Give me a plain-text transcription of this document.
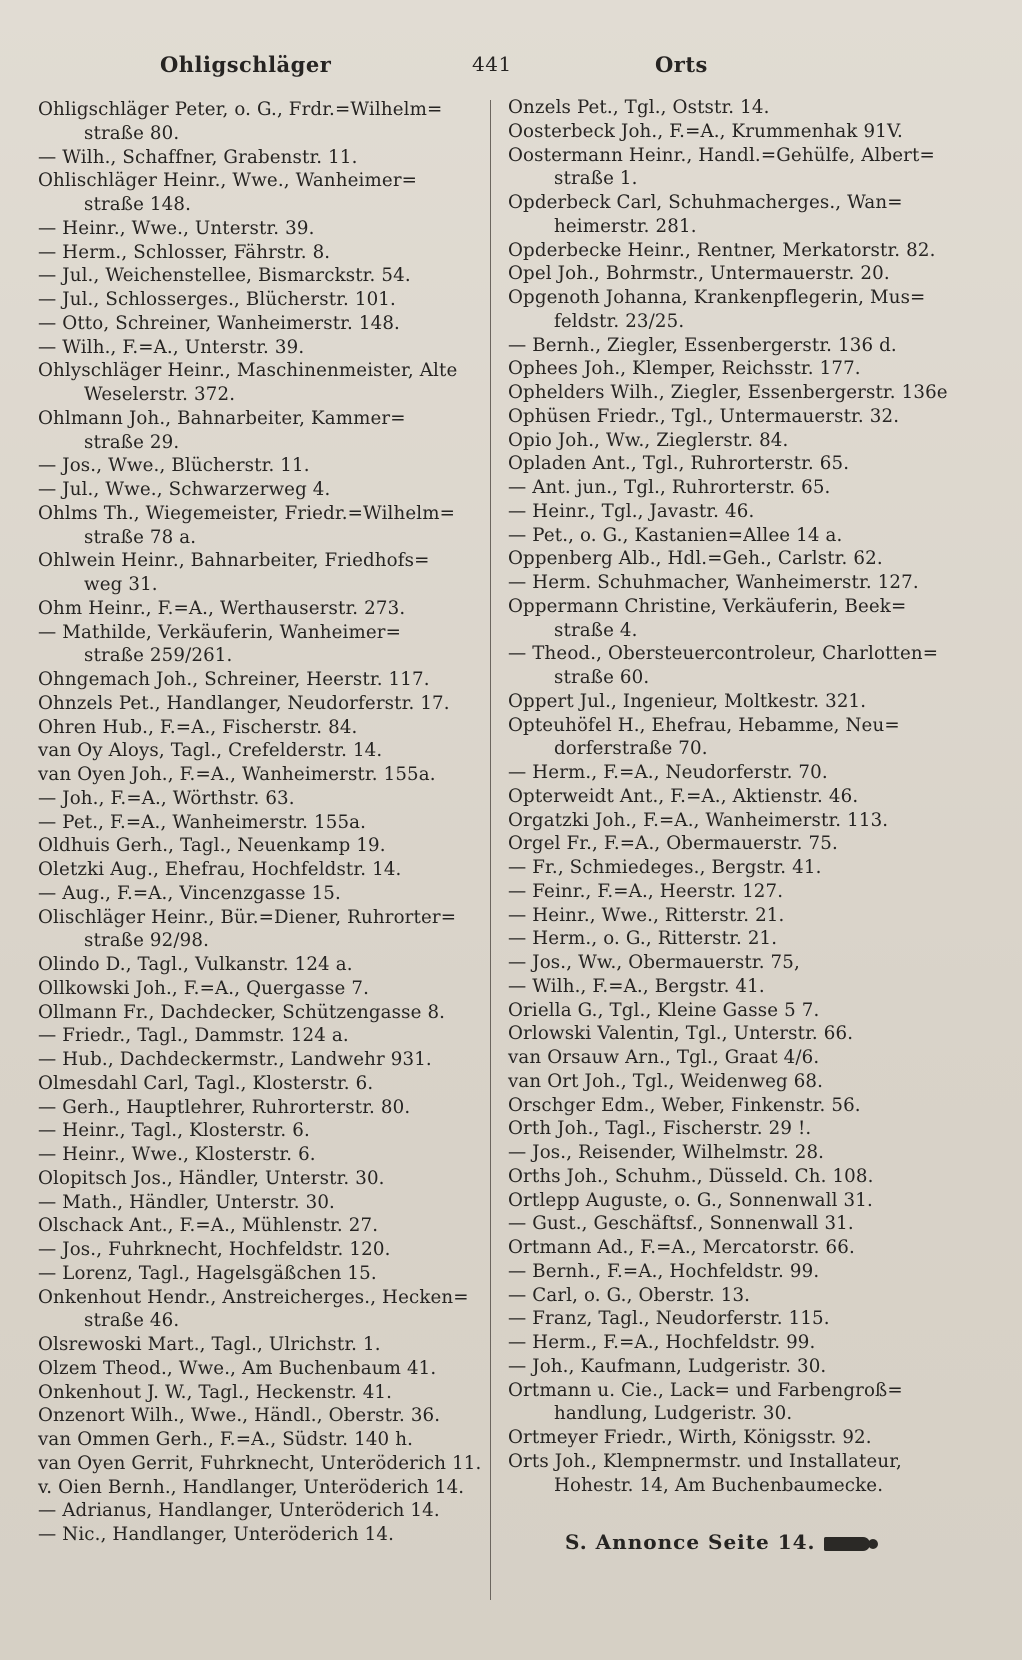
Ohligschläger	441	Orts
Ohligschläger Peter, o. G., Frdr.=Wilhelm=
straße 80.
— Wilh., Schaffner, Grabenstr. 11.
Ohlischläger Heinr., Wwe., Wanheimer=
straße 148.
— Heinr., Wwe., Unterstr. 39.
— Herm., Schlosser, Fährstr. 8.
— Jul., Weichenstellee, Bismarckstr. 54.
— Jul., Schlosserges., Blücherstr. 101.
— Otto, Schreiner, Wanheimerstr. 148.
— Wilh., F.=A., Unterstr. 39.
Ohlyschläger Heinr., Maschinenmeister, Alte
Weselerstr. 372.
Ohlmann Joh., Bahnarbeiter, Kammer=
straße 29.
— Jos., Wwe., Blücherstr. 11.
— Jul., Wwe., Schwarzerweg 4.
Ohlms Th., Wiegemeister, Friedr.=Wilhelm=
straße 78 a.
Ohlwein Heinr., Bahnarbeiter, Friedhofs=
weg 31.
Ohm Heinr., F.=A., Werthauserstr. 273.
— Mathilde, Verkäuferin, Wanheimer=
straße 259/261.
Ohngemach Joh., Schreiner, Heerstr. 117.
Ohnzels Pet., Handlanger, Neudorferstr. 17.
Ohren Hub., F.=A., Fischerstr. 84.
van Oy Aloys, Tagl., Crefelderstr. 14.
van Oyen Joh., F.=A., Wanheimerstr. 155a.
— Joh., F.=A., Wörthstr. 63.
— Pet., F.=A., Wanheimerstr. 155a.
Oldhuis Gerh., Tagl., Neuenkamp 19.
Oletzki Aug., Ehefrau, Hochfeldstr. 14.
— Aug., F.=A., Vincenzgasse 15.
Olischläger Heinr., Bür.=Diener, Ruhrorter=
straße 92/98.
Olindo D., Tagl., Vulkanstr. 124 a.
Ollkowski Joh., F.=A., Quergasse 7.
Ollmann Fr., Dachdecker, Schützengasse 8.
— Friedr., Tagl., Dammstr. 124 a.
— Hub., Dachdeckermstr., Landwehr 931.
Olmesdahl Carl, Tagl., Klosterstr. 6.
— Gerh., Hauptlehrer, Ruhrorterstr. 80.
— Heinr., Tagl., Klosterstr. 6.
— Heinr., Wwe., Klosterstr. 6.
Olopitsch Jos., Händler, Unterstr. 30.
— Math., Händler, Unterstr. 30.
Olschack Ant., F.=A., Mühlenstr. 27.
— Jos., Fuhrknecht, Hochfeldstr. 120.
— Lorenz, Tagl., Hagelsgäßchen 15.
Onkenhout Hendr., Anstreicherges., Hecken=
straße 46.
Olsrewoski Mart., Tagl., Ulrichstr. 1.
Olzem Theod., Wwe., Am Buchenbaum 41.
Onkenhout J. W., Tagl., Heckenstr. 41.
Onzenort Wilh., Wwe., Händl., Oberstr. 36.
van Ommen Gerh., F.=A., Südstr. 140 h.
van Oyen Gerrit, Fuhrknecht, Unteröderich 11.
v. Oien Bernh., Handlanger, Unteröderich 14.
— Adrianus, Handlanger, Unteröderich 14.
— Nic., Handlanger, Unteröderich 14.
Onzels Pet., Tgl., Oststr. 14.
Oosterbeck Joh., F.=A., Krummenhak 91V.
Oostermann Heinr., Handl.=Gehülfe, Albert=
straße 1.
Opderbeck Carl, Schuhmacherges., Wan=
heimerstr. 281.
Opderbecke Heinr., Rentner, Merkatorstr. 82.
Opel Joh., Bohrmstr., Untermauerstr. 20.
Opgenoth Johanna, Krankenpflegerin, Mus=
feldstr. 23/25.
— Bernh., Ziegler, Essenbergerstr. 136 d.
Ophees Joh., Klemper, Reichsstr. 177.
Ophelders Wilh., Ziegler, Essenbergerstr. 136e
Ophüsen Friedr., Tgl., Untermauerstr. 32.
Opio Joh., Ww., Zieglerstr. 84.
Opladen Ant., Tgl., Ruhrorterstr. 65.
— Ant. jun., Tgl., Ruhrorterstr. 65.
— Heinr., Tgl., Javastr. 46.
— Pet., o. G., Kastanien=Allee 14 a.
Oppenberg Alb., Hdl.=Geh., Carlstr. 62.
— Herm. Schuhmacher, Wanheimerstr. 127.
Oppermann Christine, Verkäuferin, Beek=
straße 4.
— Theod., Obersteuercontroleur, Charlotten=
straße 60.
Oppert Jul., Ingenieur, Moltkestr. 321.
Opteuhöfel H., Ehefrau, Hebamme, Neu=
dorferstraße 70.
— Herm., F.=A., Neudorferstr. 70.
Opterweidt Ant., F.=A., Aktienstr. 46.
Orgatzki Joh., F.=A., Wanheimerstr. 113.
Orgel Fr., F.=A., Obermauerstr. 75.
— Fr., Schmiedeges., Bergstr. 41.
— Feinr., F.=A., Heerstr. 127.
— Heinr., Wwe., Ritterstr. 21.
— Herm., o. G., Ritterstr. 21.
— Jos., Ww., Obermauerstr. 75,
— Wilh., F.=A., Bergstr. 41.
Oriella G., Tgl., Kleine Gasse 5 7.
Orlowski Valentin, Tgl., Unterstr. 66.
van Orsauw Arn., Tgl., Graat 4/6.
van Ort Joh., Tgl., Weidenweg 68.
Orschger Edm., Weber, Finkenstr. 56.
Orth Joh., Tagl., Fischerstr. 29 !.
— Jos., Reisender, Wilhelmstr. 28.
Orths Joh., Schuhm., Düsseld. Ch. 108.
Ortlepp Auguste, o. G., Sonnenwall 31.
— Gust., Geschäftsf., Sonnenwall 31.
Ortmann Ad., F.=A., Mercatorstr. 66.
— Bernh., F.=A., Hochfeldstr. 99.
— Carl, o. G., Oberstr. 13.
— Franz, Tagl., Neudorferstr. 115.
— Herm., F.=A., Hochfeldstr. 99.
— Joh., Kaufmann, Ludgeristr. 30.
Ortmann u. Cie., Lack= und Farbengroß=
handlung, Ludgeristr. 30.
Ortmeyer Friedr., Wirth, Königsstr. 92.
Orts Joh., Klempnermstr. und Installateur,
Hohestr. 14, Am Buchenbaumecke.
S. Annonce Seite 14.
